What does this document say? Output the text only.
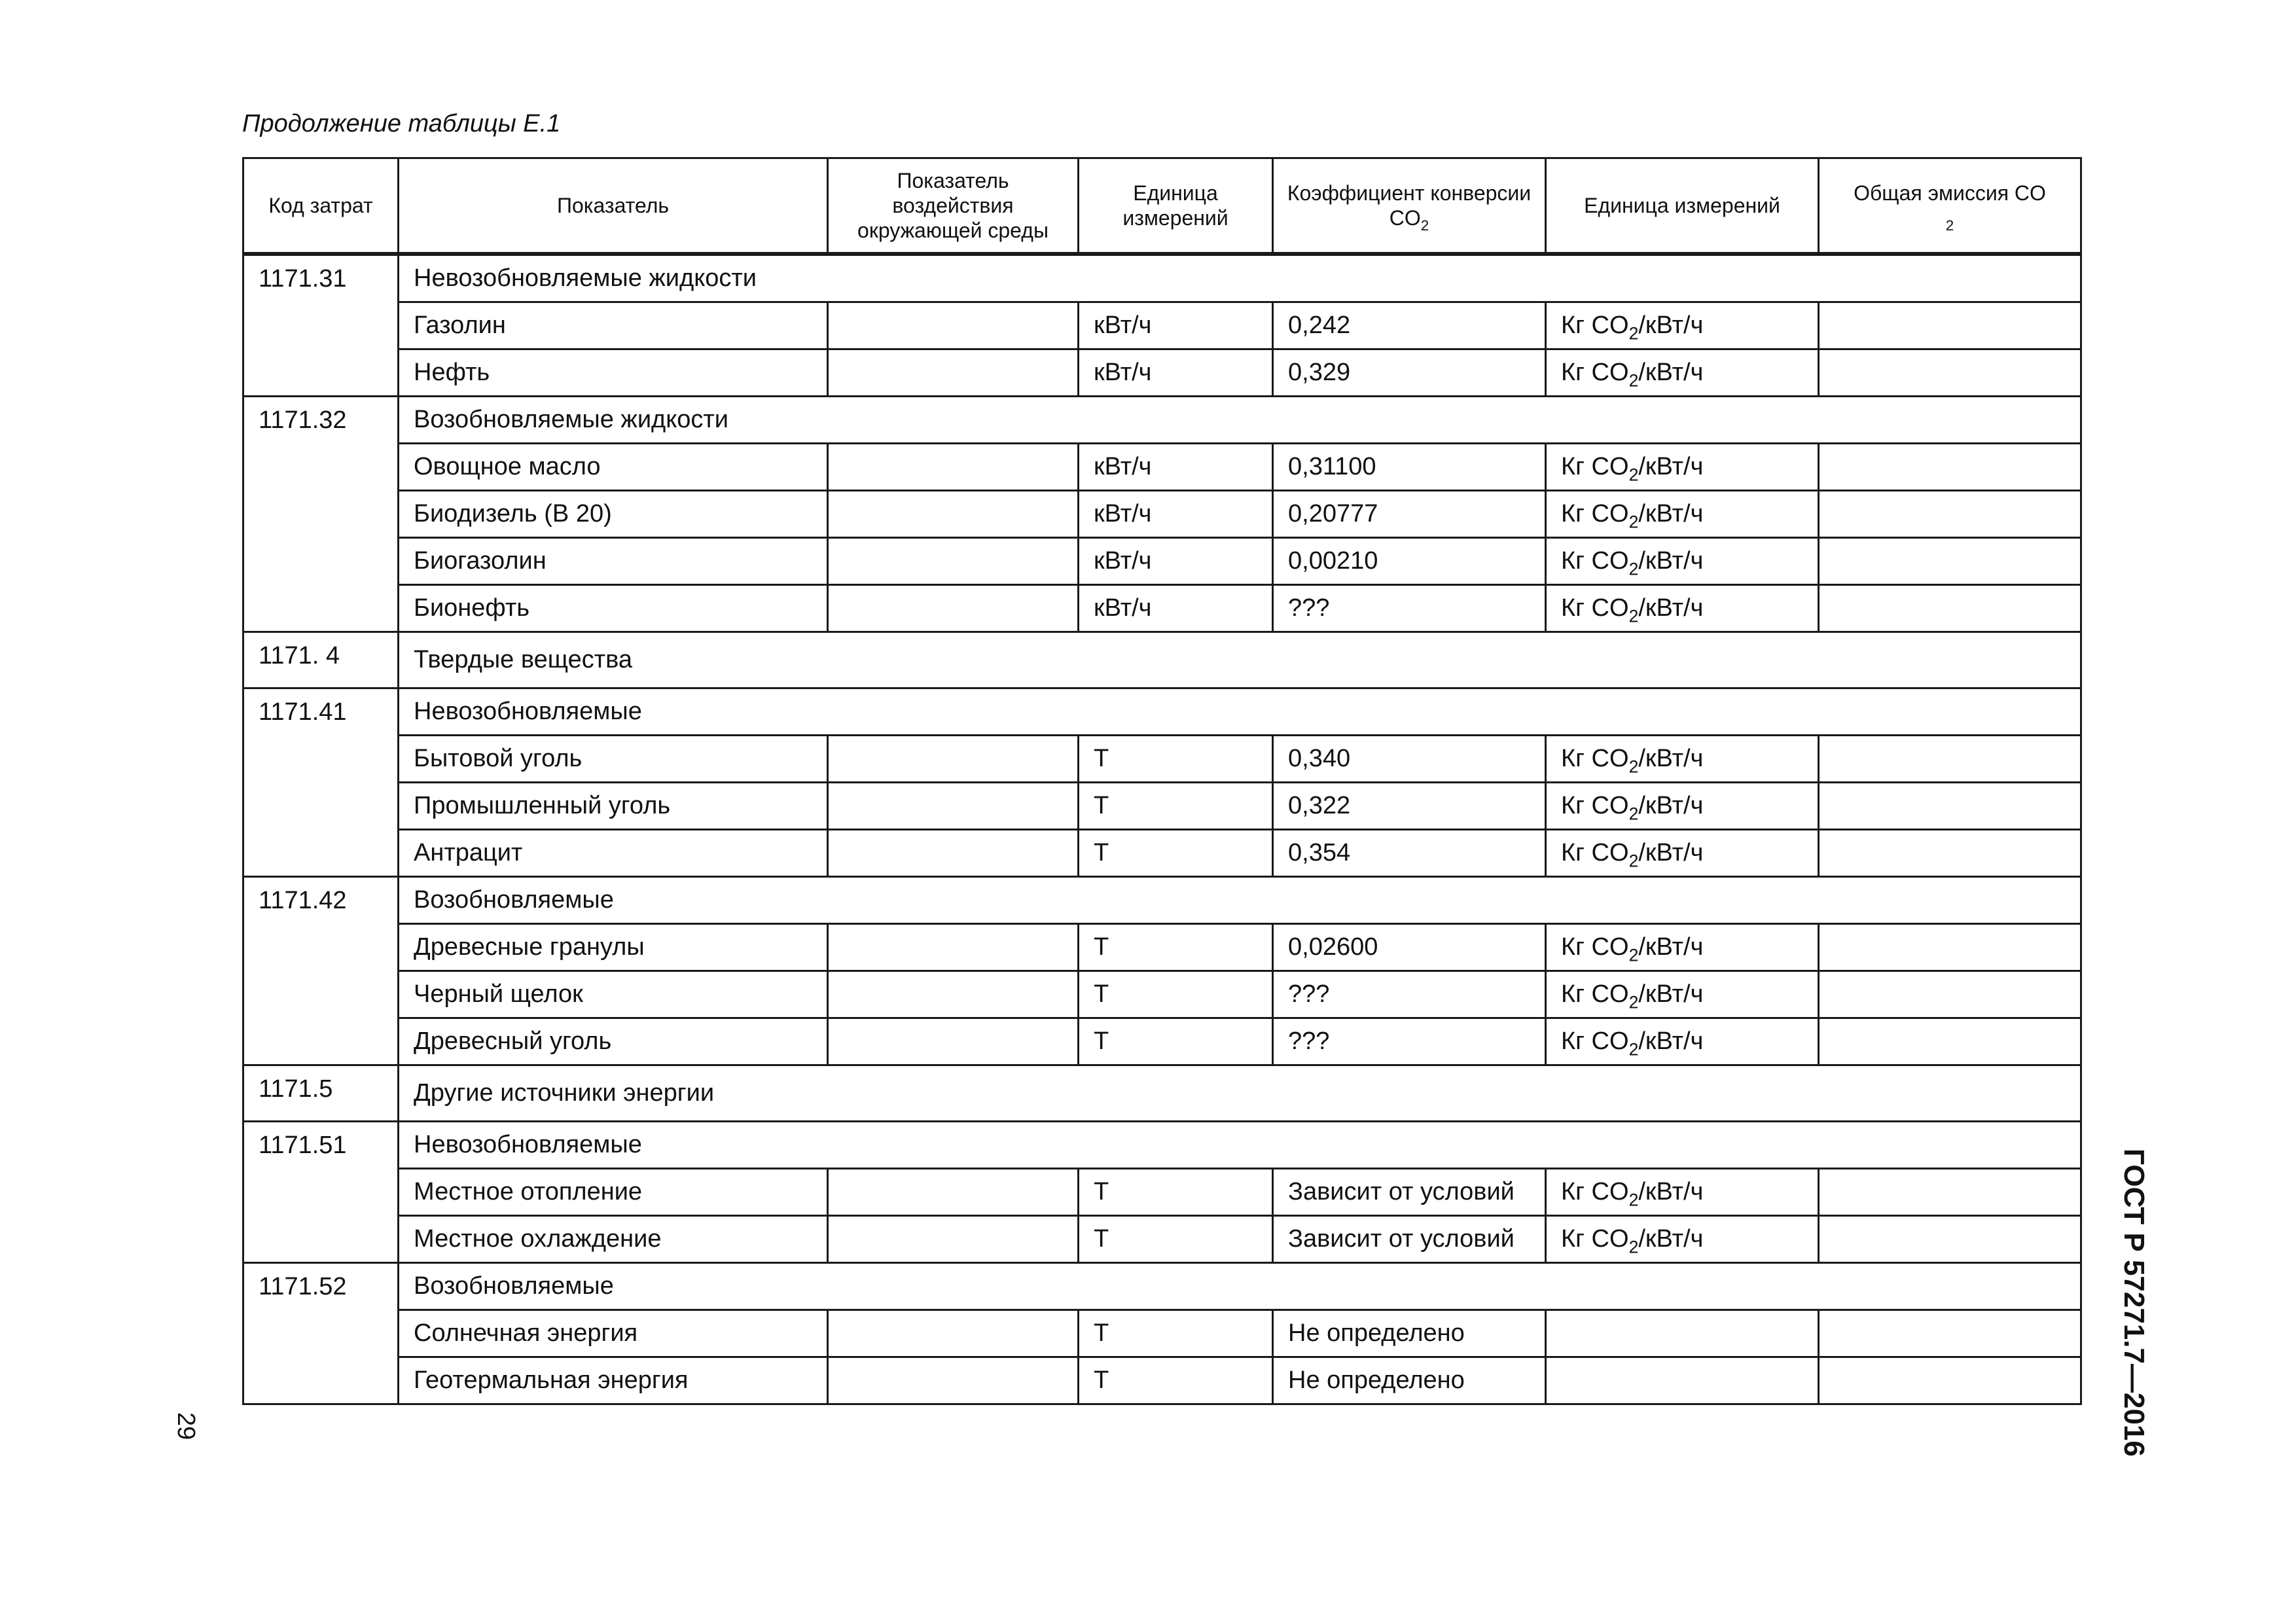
Продолжение таблицы Е.1
Код затрат	Показатель	Показатель воздействия окружающей среды	Единица измерений	Коэффициент конверсии $CO_2$	Единица измерений	Общая эмиссия CO
$_2$
1171.31	Невозобновляемые жидкости					
	Газолин		кВт/ч	0,242	Кг $CO_2/кВт/ч$	
	Нефть		кВт/ч	0,329	Кг $CO_2/кВт/ч$	
1171.32	Возобновляемые жидкости					
	Овощное масло		кВт/ч	0,31100	Кг $CO_2/кВт/ч$	
	Биодизель (В 20)		кВт/ч	0,20777	Кг $CO_2/кВт/ч$	
	Биогазолин		кВт/ч	0,00210	Кг $CO_2/кВт/ч$	
	Бионефть		кВт/ч	???	Кг $CO_2/кВт/ч$	
1171. 4	Твердые вещества					
1171.41	Невозобновляемые					
	Бытовой уголь		Т	0,340	Кг $CO_2/кВт/ч$	
	Промышленный уголь		Т	0,322	Кг $CO_2/кВт/ч$	
	Антрацит		Т	0,354	Кг $CO_2/кВт/ч$	
1171.42	Возобновляемые					
	Древесные гранулы		Т	0,02600	Кг $CO_2/кВт/ч$	
	Черный щелок		Т	???	Кг $CO_2/кВт/ч$	
	Древесный уголь		Т	???	Кг $CO_2/кВт/ч$	
1171.5	Другие источники энергии					
1171.51	Невозобновляемые					
	Местное отопление		Т	Зависит от условий	Кг $CO_2/кВт/ч$	
	Местное охлаждение		Т	Зависит от условий	Кг $CO_2/кВт/ч$	
1171.52	Возобновляемые					
	Солнечная энергия		Т	Не определено		
	Геотермальная энергия		Т	Не определено			ГОСТ Р 57271.7—2016
29
